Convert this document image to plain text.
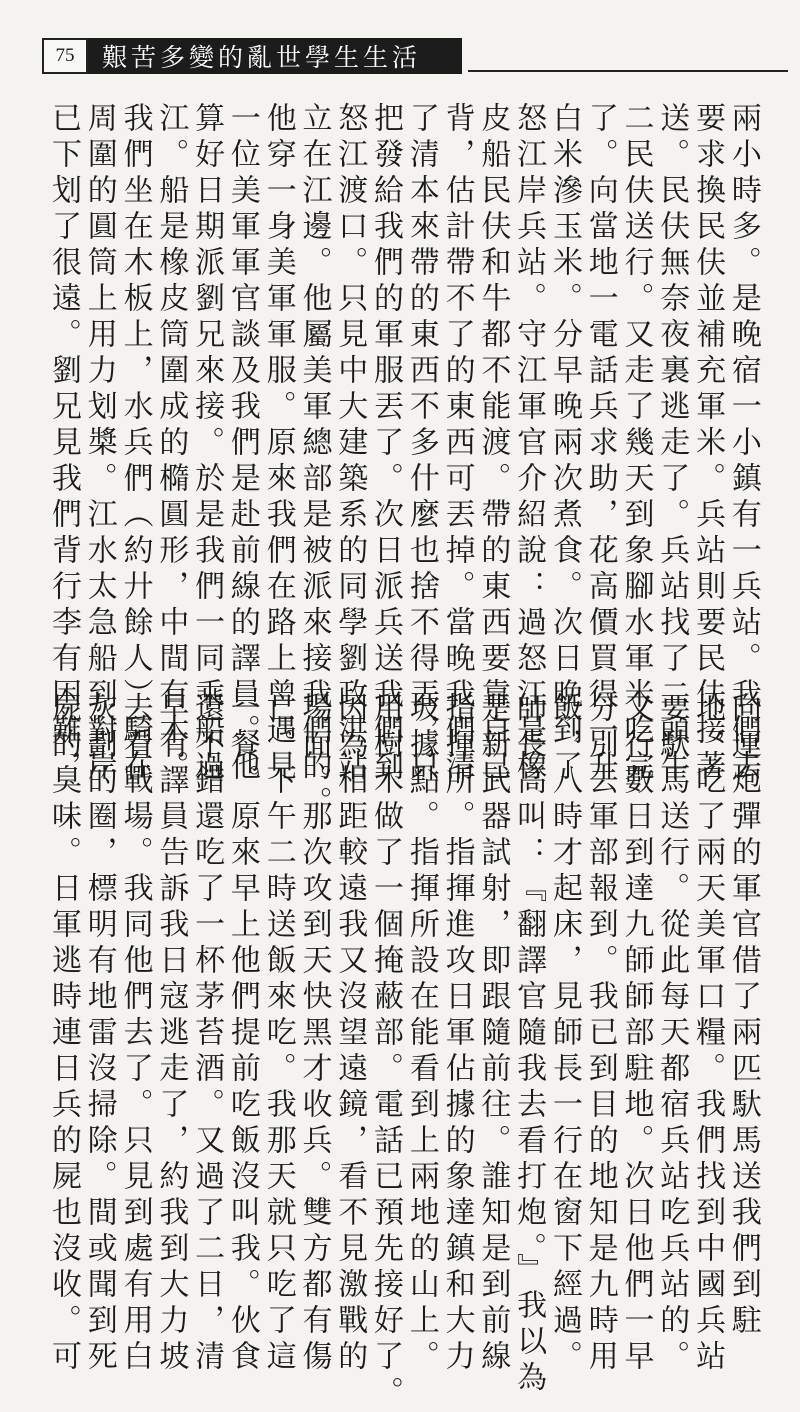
75	艱苦多變的亂世學生生活
兩小時多。是晚宿一小鎮有一兵站。我們去
要求換民伕並補充軍米。兵站則要民伕接著
送。民伕無奈夜裏逃走了。兵站找了二頭牛
二民伕送行。又走了幾天到象腳水軍米吃完
了。向當地一電話兵求助，花高價買得一升
白米滲玉米。分早晚兩次煮食。次日晚到了
怒江岸兵站。守江軍官介紹說：過怒江是橡
皮船民伕和牛都不能渡。帶的東西要靠自己
背，估計帶不了的東西可丟掉。當晚我們清
了清本來帶的東西不多什麼也捨不得丟，只
把發給我們的軍服丟了。次日派兵送我們到
怒江渡口。只見中大建築系的同學劉政洪站
立在江邊。他屬美軍總部是被派來接我們的。
他穿一身美軍軍服。原來我們在路上曾遇見
一位美軍軍官談及我們是赴前線的譯員。他
算好日期派劉兄來接。於是我們一同乘船過
江。船是橡皮筒圍成的橢圓形，中間有木。
我們坐在木板上，水兵們（約廾餘人）騎在
周圍的圓筒上用力划槳。江水太急船到對岸
已下划了很遠。劉兄見我們背行李有困難，
向運炮彈的軍官借了兩匹馱馬送我們到駐
地，吃了兩天美軍口糧。我們找到中國兵站
要馱馬送行。從此每天都宿兵站吃兵站的。
又行數日到達九師師部駐地。次日他們一早
分別去軍部報到。我已到目的地知是九時用
飯，八時才起床，見師長一行在窗下經過。
師長高叫：『翻譯官隨我去看打炮。』我以為
是新武器試射，即跟隨前往。誰知是到前線
指揮所。指揮進攻日軍佔據的象達鎮和大力
坡據點。指揮所設在能看到上兩地的山上。
用樹木做了一個掩蔽部。電話已預先接好了。
因為相距較遠我又沒望遠鏡，看不見激戰的
場面。那次攻到天快黑才收兵。雙方都有傷
亡。下午二時送飯來吃。我那天就只吃了這
一餐。原來早上他們提前吃飯沒叫我。伙食
還不錯還吃了一杯茅苔酒。又過了二日，清
早有譯員告訴我日寇逃走了，約我到大力坡
去看戰場。我同他們去了。只見到處有用白
灰劃的圈，標明有地雷沒掃除。間或聞到死
屍的臭味。日軍逃時連日兵的屍也沒收。可
